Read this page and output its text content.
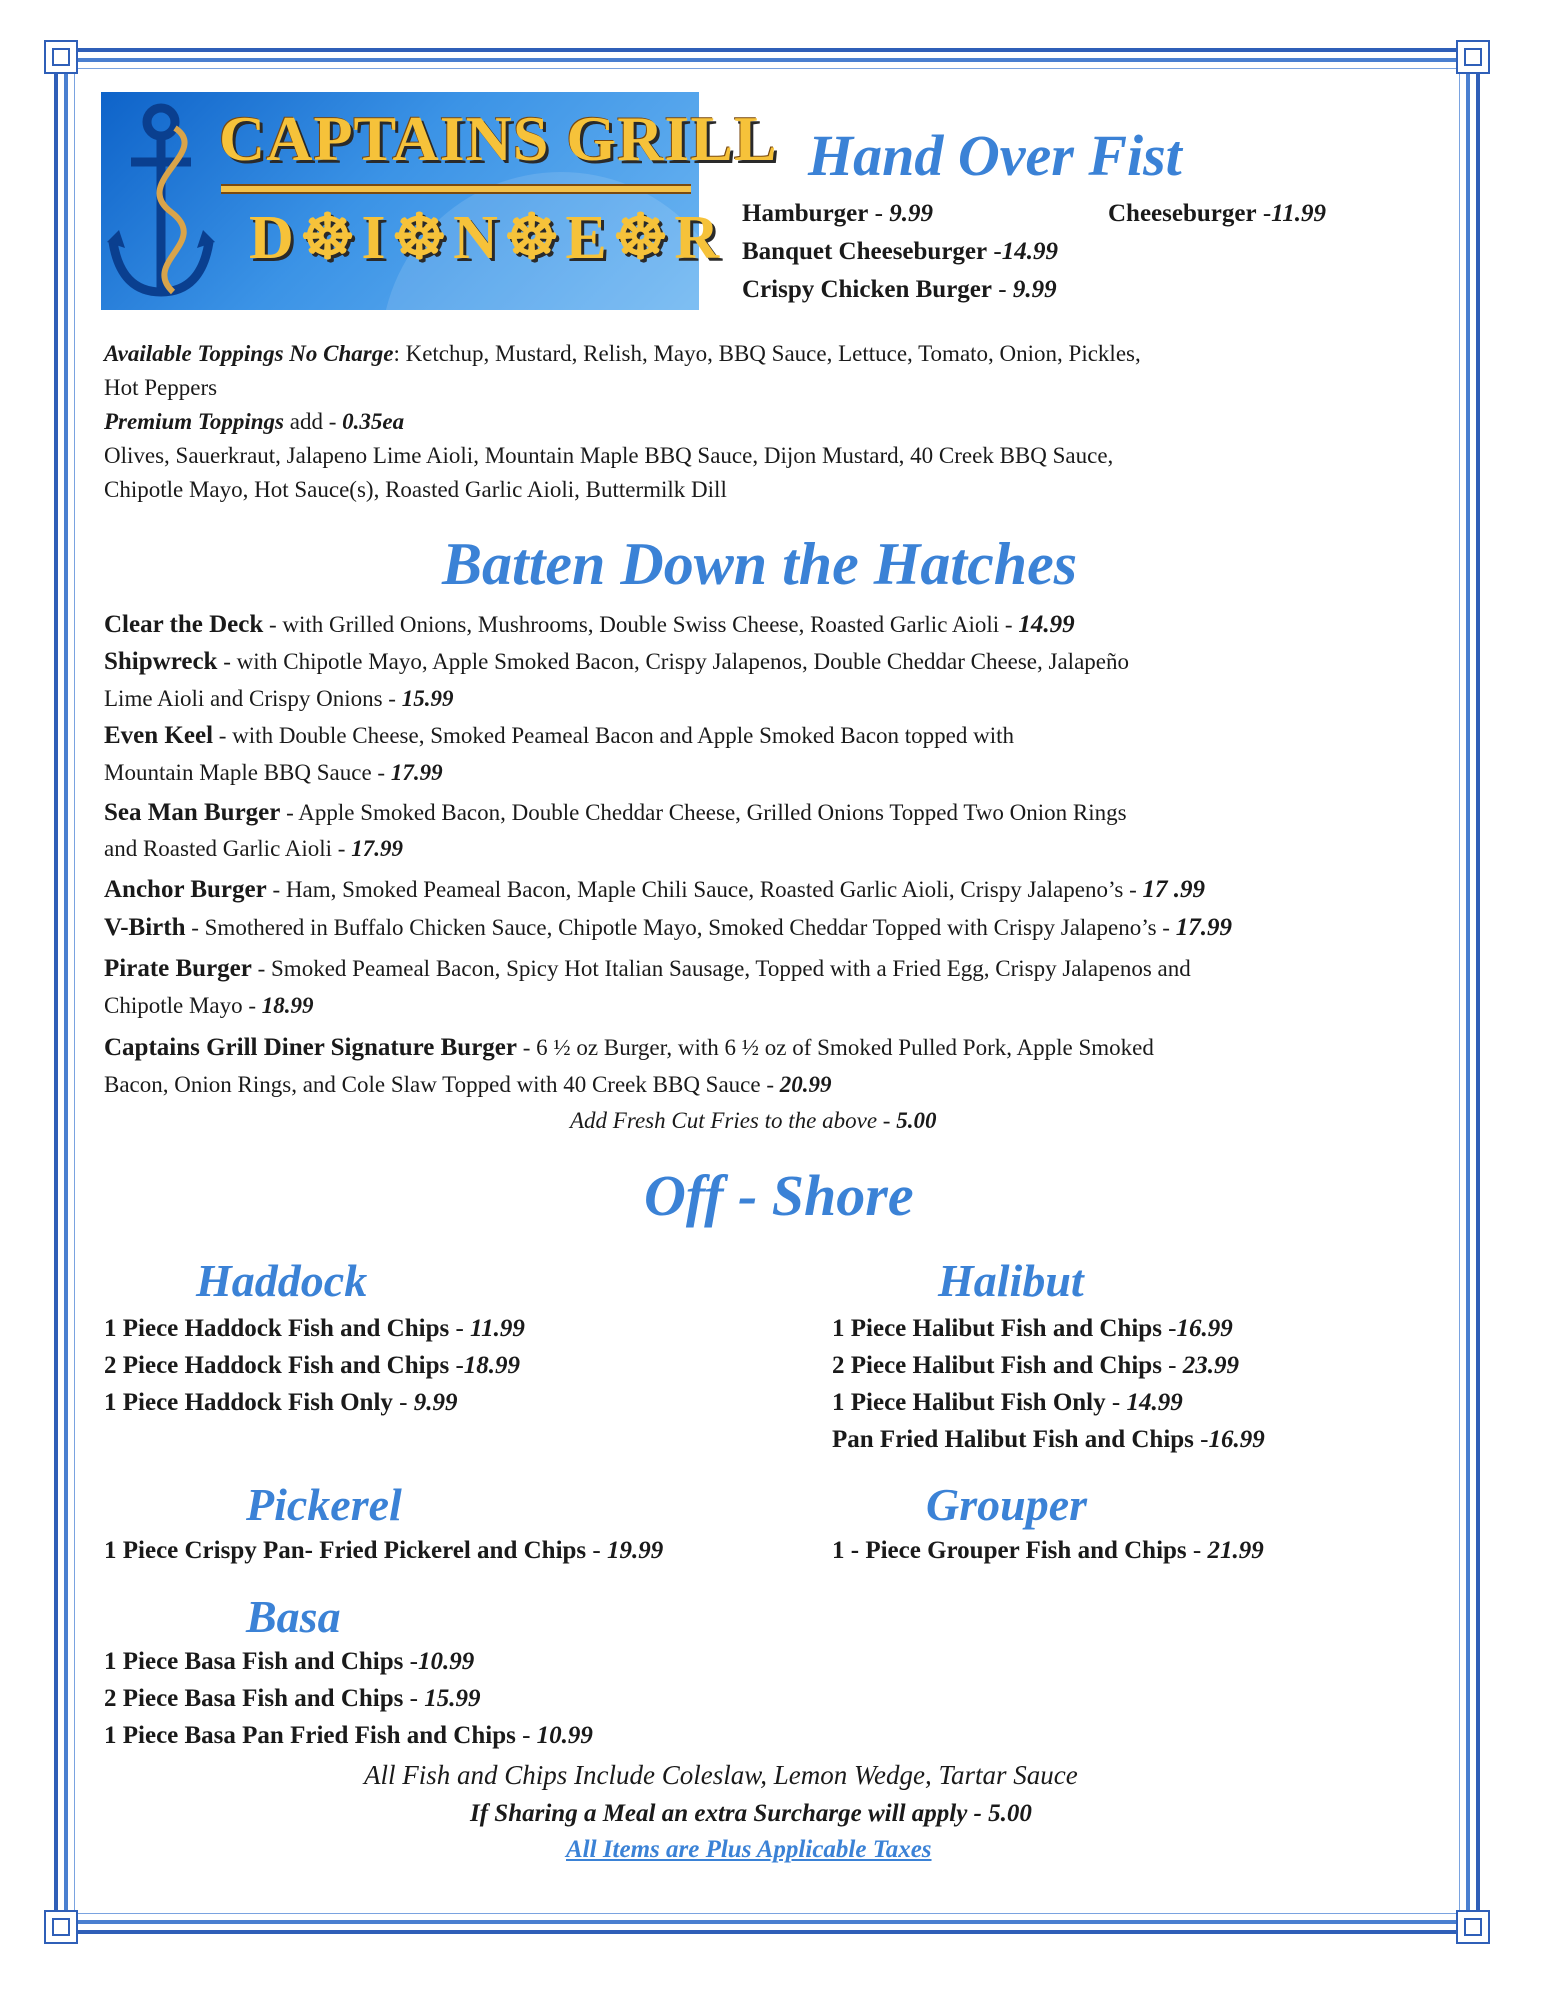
CAPTAINS GRILL
D☸I☸N☸E☸R
Hand Over Fist
Hamburger - 9.99	Cheeseburger -11.99
Banquet Cheeseburger -14.99
Crispy Chicken Burger - 9.99
Available Toppings No Charge: Ketchup, Mustard, Relish, Mayo, BBQ Sauce, Lettuce, Tomato, Onion, Pickles,
Hot Peppers
Premium Toppings add - 0.35ea
Olives, Sauerkraut, Jalapeno Lime Aioli, Mountain Maple BBQ Sauce, Dijon Mustard, 40 Creek BBQ Sauce,
Chipotle Mayo, Hot Sauce(s), Roasted Garlic Aioli, Buttermilk Dill
Batten Down the Hatches
Clear the Deck - with Grilled Onions, Mushrooms, Double Swiss Cheese, Roasted Garlic Aioli - 14.99
Shipwreck - with Chipotle Mayo, Apple Smoked Bacon, Crispy Jalapenos, Double Cheddar Cheese, Jalapeño
Lime Aioli and Crispy Onions - 15.99
Even Keel - with Double Cheese, Smoked Peameal Bacon and Apple Smoked Bacon topped with
Mountain Maple BBQ Sauce - 17.99
Sea Man Burger - Apple Smoked Bacon, Double Cheddar Cheese, Grilled Onions Topped Two Onion Rings
and Roasted Garlic Aioli - 17.99
Anchor Burger - Ham, Smoked Peameal Bacon, Maple Chili Sauce, Roasted Garlic Aioli, Crispy Jalapeno’s - 17 .99
V-Birth - Smothered in Buffalo Chicken Sauce, Chipotle Mayo, Smoked Cheddar Topped with Crispy Jalapeno’s - 17.99
Pirate Burger - Smoked Peameal Bacon, Spicy Hot Italian Sausage, Topped with a Fried Egg, Crispy Jalapenos and
Chipotle Mayo - 18.99
Captains Grill Diner Signature Burger - 6 ½ oz Burger, with 6 ½ oz of Smoked Pulled Pork, Apple Smoked
Bacon, Onion Rings, and Cole Slaw Topped with 40 Creek BBQ Sauce - 20.99
Add Fresh Cut Fries to the above - 5.00
Off - Shore
Haddock
1 Piece Haddock Fish and Chips - 11.99
2 Piece Haddock Fish and Chips -18.99
1 Piece Haddock Fish Only - 9.99
Halibut
1 Piece Halibut Fish and Chips -16.99
2 Piece Halibut Fish and Chips - 23.99
1 Piece Halibut Fish Only - 14.99
Pan Fried Halibut Fish and Chips -16.99
Pickerel
1 Piece Crispy Pan- Fried Pickerel and Chips - 19.99
Grouper
1 - Piece Grouper Fish and Chips - 21.99
Basa
1 Piece Basa Fish and Chips -10.99
2 Piece Basa Fish and Chips - 15.99
1 Piece Basa Pan Fried Fish and Chips - 10.99
All Fish and Chips Include Coleslaw, Lemon Wedge, Tartar Sauce
If Sharing a Meal an extra Surcharge will apply - 5.00
All Items are Plus Applicable Taxes
